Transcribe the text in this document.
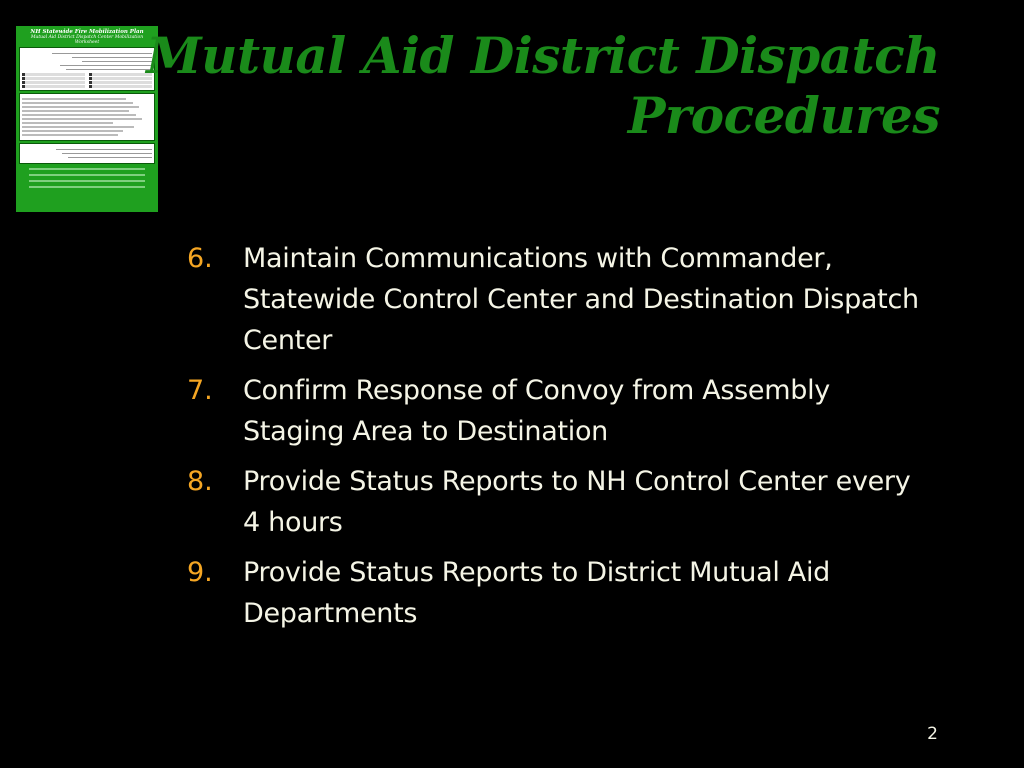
NH Statewide Fire Mobilization Plan
Mutual Aid District Dispatch Center Mobilization Worksheet Mutual Aid District Dispatch
Procedures
6.	Maintain Communications with Commander, Statewide Control Center and Destination Dispatch Center
7.	Confirm Response of Convoy from Assembly Staging Area to Destination
8.	Provide Status Reports to NH Control Center every 4 hours
9.	Provide Status Reports to District Mutual Aid Departments
2
